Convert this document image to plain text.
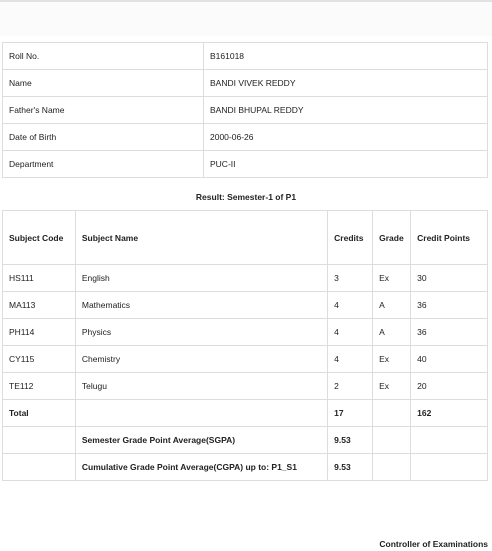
Roll No.	B161018
Name	BANDI VIVEK REDDY
Father's Name	BANDI BHUPAL REDDY
Date of Birth	2000-06-26
Department	PUC-II
Result: Semester-1 of P1
Subject Code	Subject Name	Credits	Grade	Credit Points
HS111	English	3	Ex	30
MA113	Mathematics	4	A	36
PH114	Physics	4	A	36
CY115	Chemistry	4	Ex	40
TE112	Telugu	2	Ex	20
Total		17		162
	Semester Grade Point Average(SGPA)	9.53		
	Cumulative Grade Point Average(CGPA) up to: P1_S1	9.53		
Controller of Examinations
